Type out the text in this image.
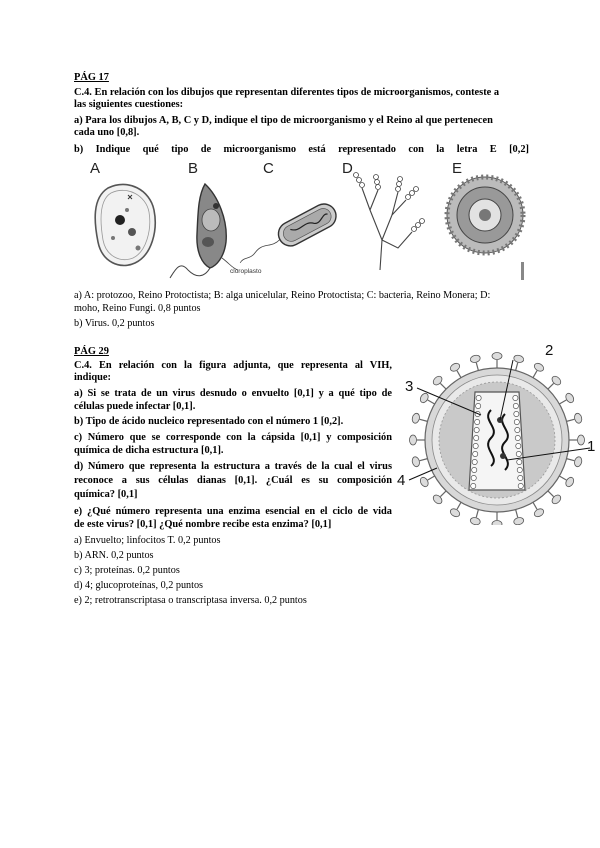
PÁG 17
C.4. En relación con los dibujos que representan diferentes tipos de microorganismos, conteste a
las siguientes cuestiones:
a) Para los dibujos A, B, C y D, indique el tipo de microorganismo y el Reino al que pertenecen
cada uno [0,8].
b) Indique qué tipo de microorganismo está representado con la letra E [0,2]
A	B	C	D	E
cloroplasto
a) A: protozoo, Reino Protoctista; B: alga unicelular, Reino Protoctista; C: bacteria, Reino Monera; D:
moho, Reino Fungi. 0,8 puntos
b) Virus. 0,2 puntos
PÁG 29
C.4. En relación con la figura adjunta, que representa al VIH,
indique:
a) Si se trata de un virus desnudo o envuelto [0,1] y a qué tipo de
células puede infectar [0,1].
b) Tipo de ácido nucleico representado con el número 1 [0,2].
c) Número que se corresponde con la cápsida [0,1] y composición
química de dicha estructura [0,1].
d) Número que representa la estructura a través de la cual el virus
reconoce a sus células dianas [0,1]. ¿Cuál es su composición
química? [0,1]
e) ¿Qué número representa una enzima esencial en el ciclo de vida
de este virus? [0,1] ¿Qué nombre recibe esta enzima? [0,1]
a) Envuelto; linfocitos T. 0,2 puntos
b) ARN. 0,2 puntos
c) 3; proteínas. 0,2 puntos
d) 4; glucoproteínas, 0,2 puntos
e) 2; retrotranscriptasa o transcriptasa inversa. 0,2 puntos
2
3
1
4
